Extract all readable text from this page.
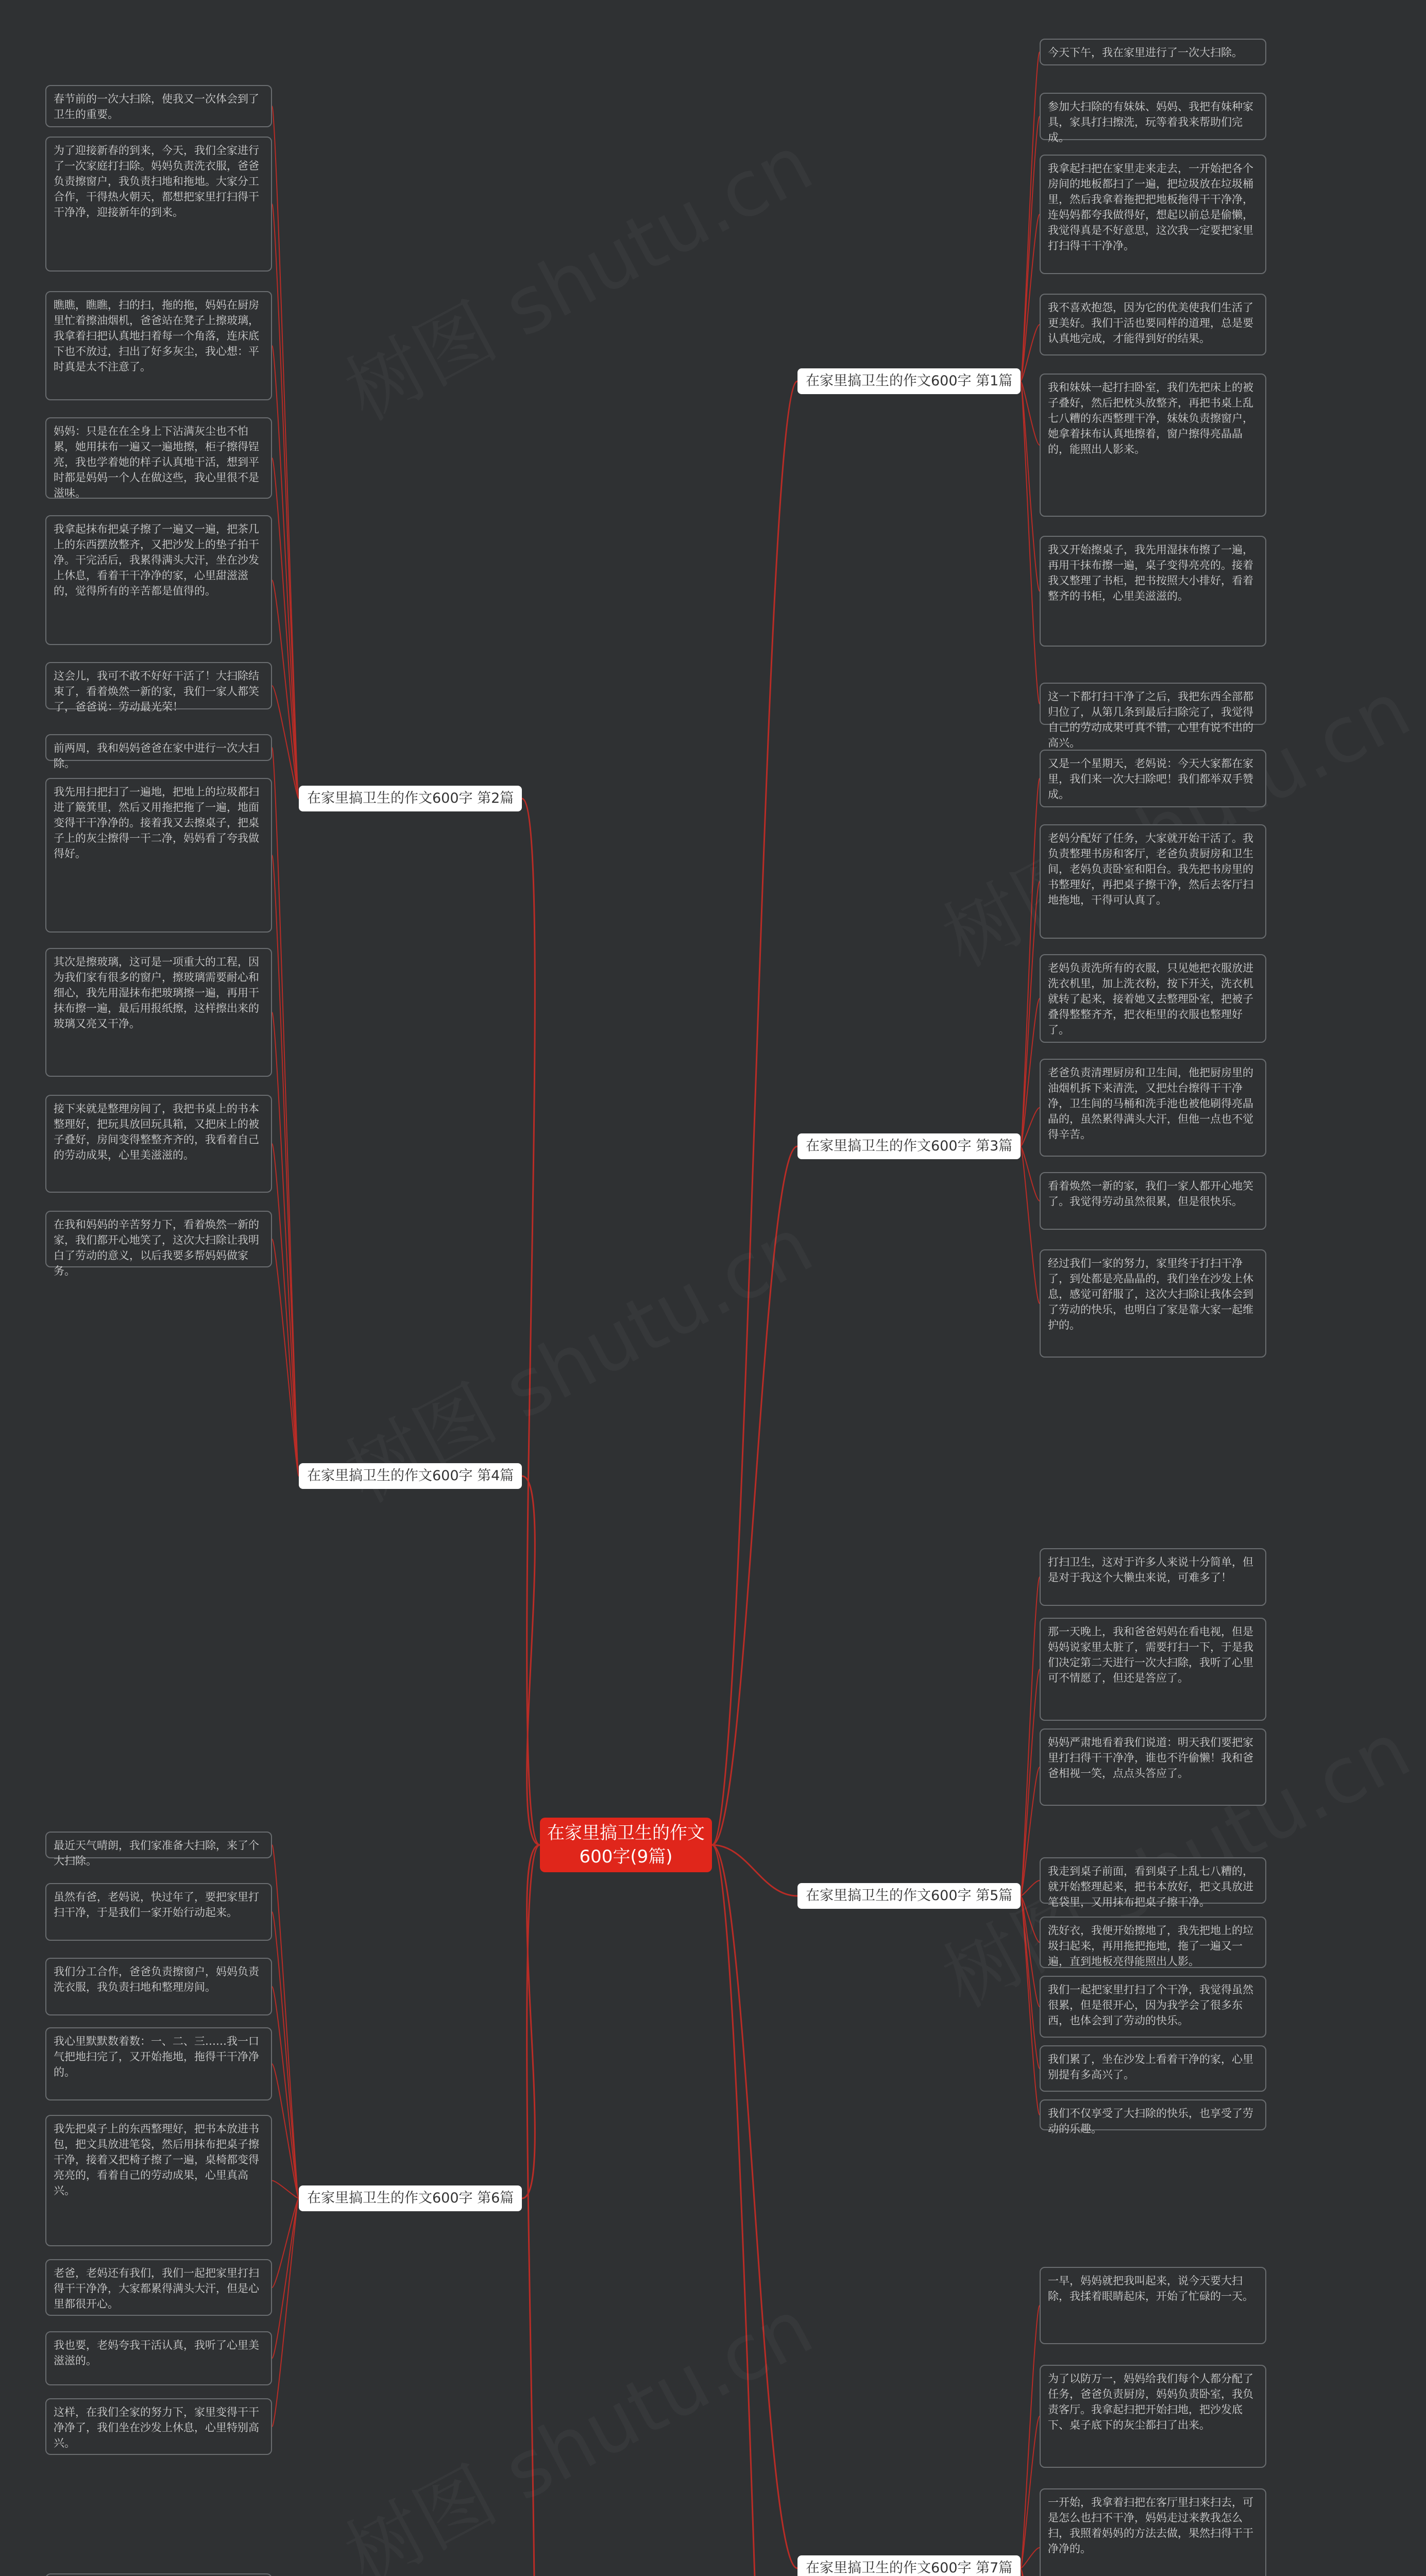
在家里搞卫生的作文600字(9篇)
在家里搞卫生的作文600字 第1篇
今天下午，我在家里进行了一次大扫除。
参加大扫除的有妹妹、妈妈、我把有妹种家具，家具打扫擦洗，玩等着我来帮助们完成。
我拿起扫把在家里走来走去，一开始把各个房间的地板都扫了一遍，把垃圾放在垃圾桶里，然后我拿着拖把把地板拖得干干净净，连妈妈都夸我做得好，想起以前总是偷懒，我觉得真是不好意思，这次我一定要把家里打扫得干干净净。
我不喜欢抱怨，因为它的优美使我们生活了更美好。我们干活也要同样的道理，总是要认真地完成，才能得到好的结果。
我和妹妹一起打扫卧室，我们先把床上的被子叠好，然后把枕头放整齐，再把书桌上乱七八糟的东西整理干净，妹妹负责擦窗户，她拿着抹布认真地擦着，窗户擦得亮晶晶的，能照出人影来。
我又开始擦桌子，我先用湿抹布擦了一遍，再用干抹布擦一遍，桌子变得亮亮的。接着我又整理了书柜，把书按照大小排好，看着整齐的书柜，心里美滋滋的。
这一下都打扫干净了之后，我把东西全部都归位了，从第几条到最后扫除完了，我觉得自己的劳动成果可真不错，心里有说不出的高兴。
在家里搞卫生的作文600字 第2篇
春节前的一次大扫除，使我又一次体会到了卫生的重要。
为了迎接新春的到来，今天，我们全家进行了一次家庭打扫除。妈妈负责洗衣服，爸爸负责擦窗户，我负责扫地和拖地。大家分工合作，干得热火朝天，都想把家里打扫得干干净净，迎接新年的到来。
瞧瞧，瞧瞧，扫的扫，拖的拖，妈妈在厨房里忙着擦油烟机，爸爸站在凳子上擦玻璃，我拿着扫把认真地扫着每一个角落，连床底下也不放过，扫出了好多灰尘，我心想：平时真是太不注意了。
妈妈：只是在在全身上下沾满灰尘也不怕累，她用抹布一遍又一遍地擦，柜子擦得锃亮，我也学着她的样子认真地干活，想到平时都是妈妈一个人在做这些，我心里很不是滋味。
我拿起抹布把桌子擦了一遍又一遍，把茶几上的东西摆放整齐，又把沙发上的垫子拍干净。干完活后，我累得满头大汗，坐在沙发上休息，看着干干净净的家，心里甜滋滋的，觉得所有的辛苦都是值得的。
这会儿，我可不敢不好好干活了！大扫除结束了，看着焕然一新的家，我们一家人都笑了，爸爸说：劳动最光荣！
在家里搞卫生的作文600字 第3篇
又是一个星期天，老妈说：今天大家都在家里，我们来一次大扫除吧！我们都举双手赞成。
老妈分配好了任务，大家就开始干活了。我负责整理书房和客厅，老爸负责厨房和卫生间，老妈负责卧室和阳台。我先把书房里的书整理好，再把桌子擦干净，然后去客厅扫地拖地，干得可认真了。
老妈负责洗所有的衣服，只见她把衣服放进洗衣机里，加上洗衣粉，按下开关，洗衣机就转了起来，接着她又去整理卧室，把被子叠得整整齐齐，把衣柜里的衣服也整理好了。
老爸负责清理厨房和卫生间，他把厨房里的油烟机拆下来清洗，又把灶台擦得干干净净，卫生间的马桶和洗手池也被他刷得亮晶晶的，虽然累得满头大汗，但他一点也不觉得辛苦。
看着焕然一新的家，我们一家人都开心地笑了。我觉得劳动虽然很累，但是很快乐。
经过我们一家的努力，家里终于打扫干净了，到处都是亮晶晶的，我们坐在沙发上休息，感觉可舒服了，这次大扫除让我体会到了劳动的快乐，也明白了家是靠大家一起维护的。
在家里搞卫生的作文600字 第4篇
前两周，我和妈妈爸爸在家中进行一次大扫除。
我先用扫把扫了一遍地，把地上的垃圾都扫进了簸箕里，然后又用拖把拖了一遍，地面变得干干净净的。接着我又去擦桌子，把桌子上的灰尘擦得一干二净，妈妈看了夸我做得好。
其次是擦玻璃，这可是一项重大的工程，因为我们家有很多的窗户，擦玻璃需要耐心和细心，我先用湿抹布把玻璃擦一遍，再用干抹布擦一遍，最后用报纸擦，这样擦出来的玻璃又亮又干净。
接下来就是整理房间了，我把书桌上的书本整理好，把玩具放回玩具箱，又把床上的被子叠好，房间变得整整齐齐的，我看着自己的劳动成果，心里美滋滋的。
在我和妈妈的辛苦努力下，看着焕然一新的家，我们都开心地笑了，这次大扫除让我明白了劳动的意义，以后我要多帮妈妈做家务。
在家里搞卫生的作文600字 第5篇
打扫卫生，这对于许多人来说十分简单，但是对于我这个大懒虫来说，可难多了！
那一天晚上，我和爸爸妈妈在看电视，但是妈妈说家里太脏了，需要打扫一下，于是我们决定第二天进行一次大扫除，我听了心里可不情愿了，但还是答应了。
妈妈严肃地看着我们说道：明天我们要把家里打扫得干干净净，谁也不许偷懒！我和爸爸相视一笑，点点头答应了。
我走到桌子前面，看到桌子上乱七八糟的，就开始整理起来，把书本放好，把文具放进笔袋里，又用抹布把桌子擦干净。
洗好衣，我便开始擦地了，我先把地上的垃圾扫起来，再用拖把拖地，拖了一遍又一遍，直到地板亮得能照出人影。
我们一起把家里打扫了个干净，我觉得虽然很累，但是很开心，因为我学会了很多东西，也体会到了劳动的快乐。
我们累了，坐在沙发上看着干净的家，心里别提有多高兴了。
我们不仅享受了大扫除的快乐，也享受了劳动的乐趣。
在家里搞卫生的作文600字 第6篇
最近天气晴朗，我们家准备大扫除，来了个大扫除。
虽然有爸，老妈说，快过年了，要把家里打扫干净，于是我们一家开始行动起来。
我们分工合作，爸爸负责擦窗户，妈妈负责洗衣服，我负责扫地和整理房间。
我心里默默数着数：一、二、三……我一口气把地扫完了，又开始拖地，拖得干干净净的。
我先把桌子上的东西整理好，把书本放进书包，把文具放进笔袋，然后用抹布把桌子擦干净，接着又把椅子擦了一遍，桌椅都变得亮亮的，看着自己的劳动成果，心里真高兴。
老爸，老妈还有我们，我们一起把家里打扫得干干净净，大家都累得满头大汗，但是心里都很开心。
我也要，老妈夸我干活认真，我听了心里美滋滋的。
这样，在我们全家的努力下，家里变得干干净净了，我们坐在沙发上休息，心里特别高兴。
在家里搞卫生的作文600字 第7篇
一早，妈妈就把我叫起来，说今天要大扫除，我揉着眼睛起床，开始了忙碌的一天。
为了以防万一，妈妈给我们每个人都分配了任务，爸爸负责厨房，妈妈负责卧室，我负责客厅。我拿起扫把开始扫地，把沙发底下、桌子底下的灰尘都扫了出来。
一开始，我拿着扫把在客厅里扫来扫去，可是怎么也扫不干净，妈妈走过来教我怎么扫，我照着妈妈的方法去做，果然扫得干干净净的。
